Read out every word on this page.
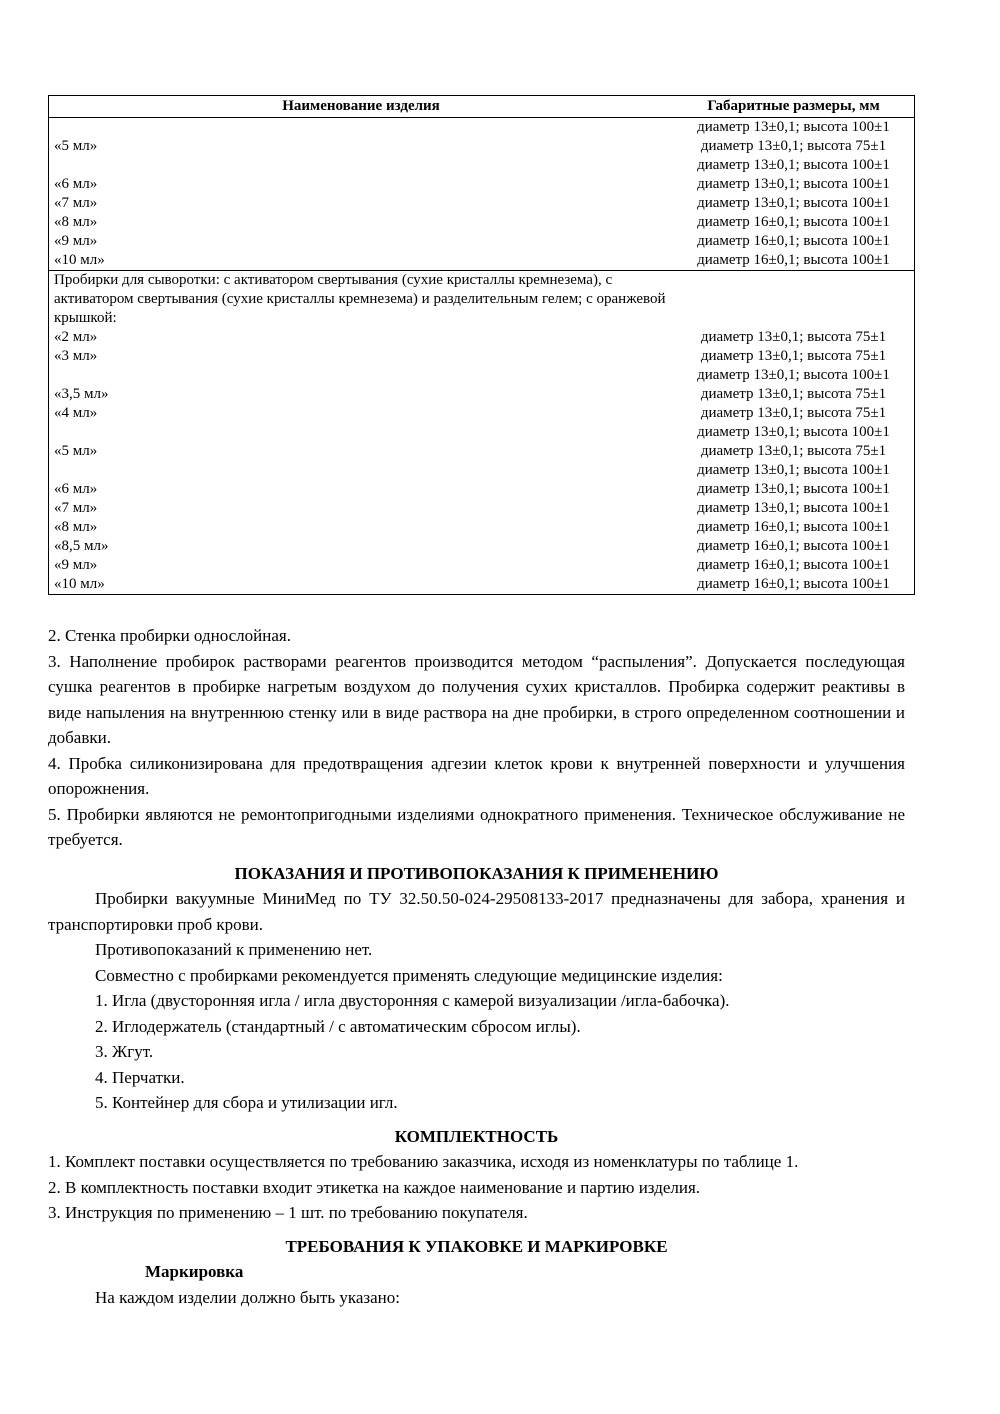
Наименование изделия	Габаритные размеры, мм
	диаметр 13±0,1; высота 100±1
«5 мл»	диаметр 13±0,1; высота 75±1
	диаметр 13±0,1; высота 100±1
«6 мл»	диаметр 13±0,1; высота 100±1
«7 мл»	диаметр 13±0,1; высота 100±1
«8 мл»	диаметр 16±0,1; высота 100±1
«9 мл»	диаметр 16±0,1; высота 100±1
«10 мл»	диаметр 16±0,1; высота 100±1
Пробирки для сыворотки: с активатором свертывания (сухие кристаллы кремнезема), с активатором свертывания (сухие кристаллы кремнезема) и разделительным гелем; с оранжевой крышкой:	
«2 мл»	диаметр 13±0,1; высота 75±1
«3 мл»	диаметр 13±0,1; высота 75±1
	диаметр 13±0,1; высота 100±1
«3,5 мл»	диаметр 13±0,1; высота 75±1
«4 мл»	диаметр 13±0,1; высота 75±1
	диаметр 13±0,1; высота 100±1
«5 мл»	диаметр 13±0,1; высота 75±1
	диаметр 13±0,1; высота 100±1
«6 мл»	диаметр 13±0,1; высота 100±1
«7 мл»	диаметр 13±0,1; высота 100±1
«8 мл»	диаметр 16±0,1; высота 100±1
«8,5 мл»	диаметр 16±0,1; высота 100±1
«9 мл»	диаметр 16±0,1; высота 100±1
«10 мл»	диаметр 16±0,1; высота 100±1

2. Стенка пробирки однослойная.

3. Наполнение пробирок растворами реагентов производится методом “распыления”. Допускается последующая сушка реагентов в пробирке нагретым воздухом до получения сухих кристаллов. Пробирка содержит реактивы в виде напыления на внутреннюю стенку или в виде раствора на дне пробирки, в строго определенном соотношении и добавки.

4. Пробка силиконизирована для предотвращения адгезии клеток крови к внутренней поверхности и улучшения опорожнения.

5. Пробирки являются не ремонтопригодными изделиями однократного применения. Техническое обслуживание не требуется.

ПОКАЗАНИЯ И ПРОТИВОПОКАЗАНИЯ К ПРИМЕНЕНИЮ

Пробирки вакуумные МиниМед по ТУ 32.50.50-024-29508133-2017 предназначены для забора, хранения и транспортировки проб крови.

Противопоказаний к применению нет.

Совместно с пробирками рекомендуется применять следующие медицинские изделия:

1. Игла (двусторонняя игла / игла двусторонняя с камерой визуализации /игла-бабочка).

2. Иглодержатель (стандартный / с автоматическим сбросом иглы).

3. Жгут.

4. Перчатки.

5. Контейнер для сбора и утилизации игл.

КОМПЛЕКТНОСТЬ

1. Комплект поставки осуществляется по требованию заказчика, исходя из номенклатуры по таблице 1.

2. В комплектность поставки входит этикетка на каждое наименование и партию изделия.

3. Инструкция по применению – 1 шт. по требованию покупателя.

ТРЕБОВАНИЯ К УПАКОВКЕ И МАРКИРОВКЕ

Маркировка

На каждом изделии должно быть указано:
